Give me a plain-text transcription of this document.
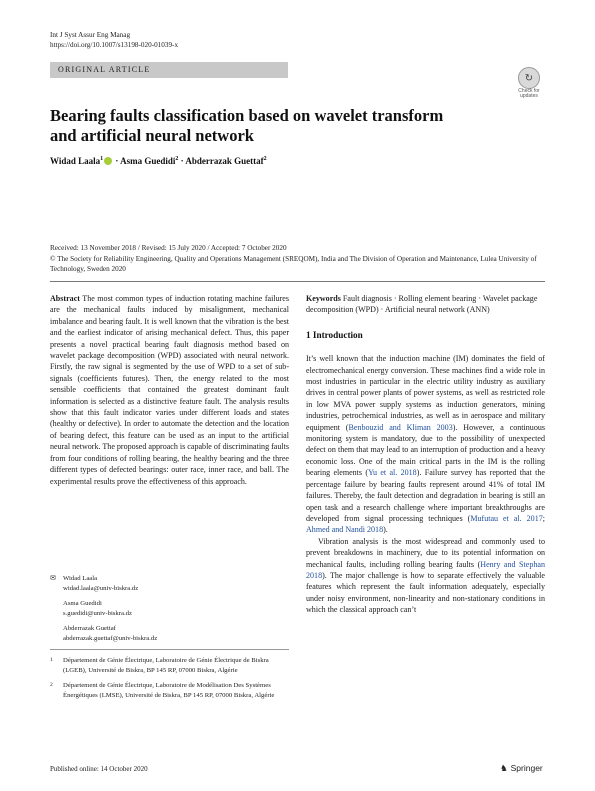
Int J Syst Assur Eng Manag
https://doi.org/10.1007/s13198-020-01039-x
ORIGINAL ARTICLE
↻
Check for
updates
Bearing faults classification based on wavelet transform
and artificial neural network
Widad Laala$^1$ · Asma Guedidi$^2$ · Abderrazak Guettaf$^2$
Received: 13 November 2018 / Revised: 15 July 2020 / Accepted: 7 October 2020
© The Society for Reliability Engineering, Quality and Operations Management (SREQOM), India and The Division of Operation and Maintenance, Lulea University of Technology, Sweden 2020

Abstract The most common types of induction rotating machine failures are the mechanical faults induced by misalignment, mechanical imbalance and bearing fault. It is well known that the vibration is the best and the earliest indicator of arising mechanical defect. Thus, this paper presents a novel practical bearing fault diagnosis method based on wavelet package decomposition (WPD) associated with neural network. Firstly, the raw signal is segmented by the use of WPD to a set of sub-signals (coefficients futures). Then, the energy related to the most sensible coefficients that contained the greatest dominant fault information is selected as a distinctive feature fault. The analysis results show that this fault indicator varies under different loads and states (healthy or defective). In order to automate the detection and the location of bearing defect, this feature can be used as an input to the artificial neural network. The proposed approach is capable of discriminating faults from four conditions of rolling bearing, the healthy bearing and the three different types of defected bearings: outer race, inner race, and ball. The experimental results prove the effectiveness of this approach.

✉	Widad Laala
widad.laala@univ-biskra.dz
Asma Guedidi
s.guedidi@univ-biskra.dz
Abderrazak Guettaf
abderrazak.guettaf@univ-biskra.dz
1	Département de Génie Électrique, Laboratoire de Génie Électrique de Biskra (LGEB), Université de Biskra, BP 145 RP, 07000 Biskra, Algérie
2	Département de Génie Électrique, Laboratoire de Modélisation Des Systèmes Énergétiques (LMSE), Université de Biskra, BP 145 RP, 07000 Biskra, Algérie

Keywords Fault diagnosis · Rolling element bearing · Wavelet package decomposition (WPD) · Artificial neural network (ANN)

1 Introduction

It’s well known that the induction machine (IM) dominates the field of electromechanical energy conversion. These machines find a wide role in most industries in particular in the electric utility industry as auxiliary drives in central power plants of power systems, as well as restricted role in low MVA power supply systems as induction generators, mining industries, petrochemical industries, as well as in aerospace and military equipment (Benbouzid and Kliman 2003). However, a continuous monitoring system is mandatory, due to the possibility of unexpected defect on them that may lead to an interruption of production and a heavy economic loss. One of the main critical parts in the IM is the rolling bearing elements (Yu et al. 2018). Failure survey has reported that the percentage failure by bearing faults represent around 41% of total IM failures. Thereby, the fault detection and degradation in bearing is still an open task and a research challenge where important breakthroughs are developed from signal processing techniques (Mufutau et al. 2017; Ahmed and Nandi 2018).

Vibration analysis is the most widespread and commonly used to prevent breakdowns in machinery, due to its potential information on mechanical faults, including rolling bearing faults (Henry and Stephan 2018). The major challenge is how to separate effectively the valuable features which represent the fault information adequately, especially under noisy environment, non-linearity and non-stationary conditions in which the classical approach can’t

Published online: 14 October 2020	♞ Springer
